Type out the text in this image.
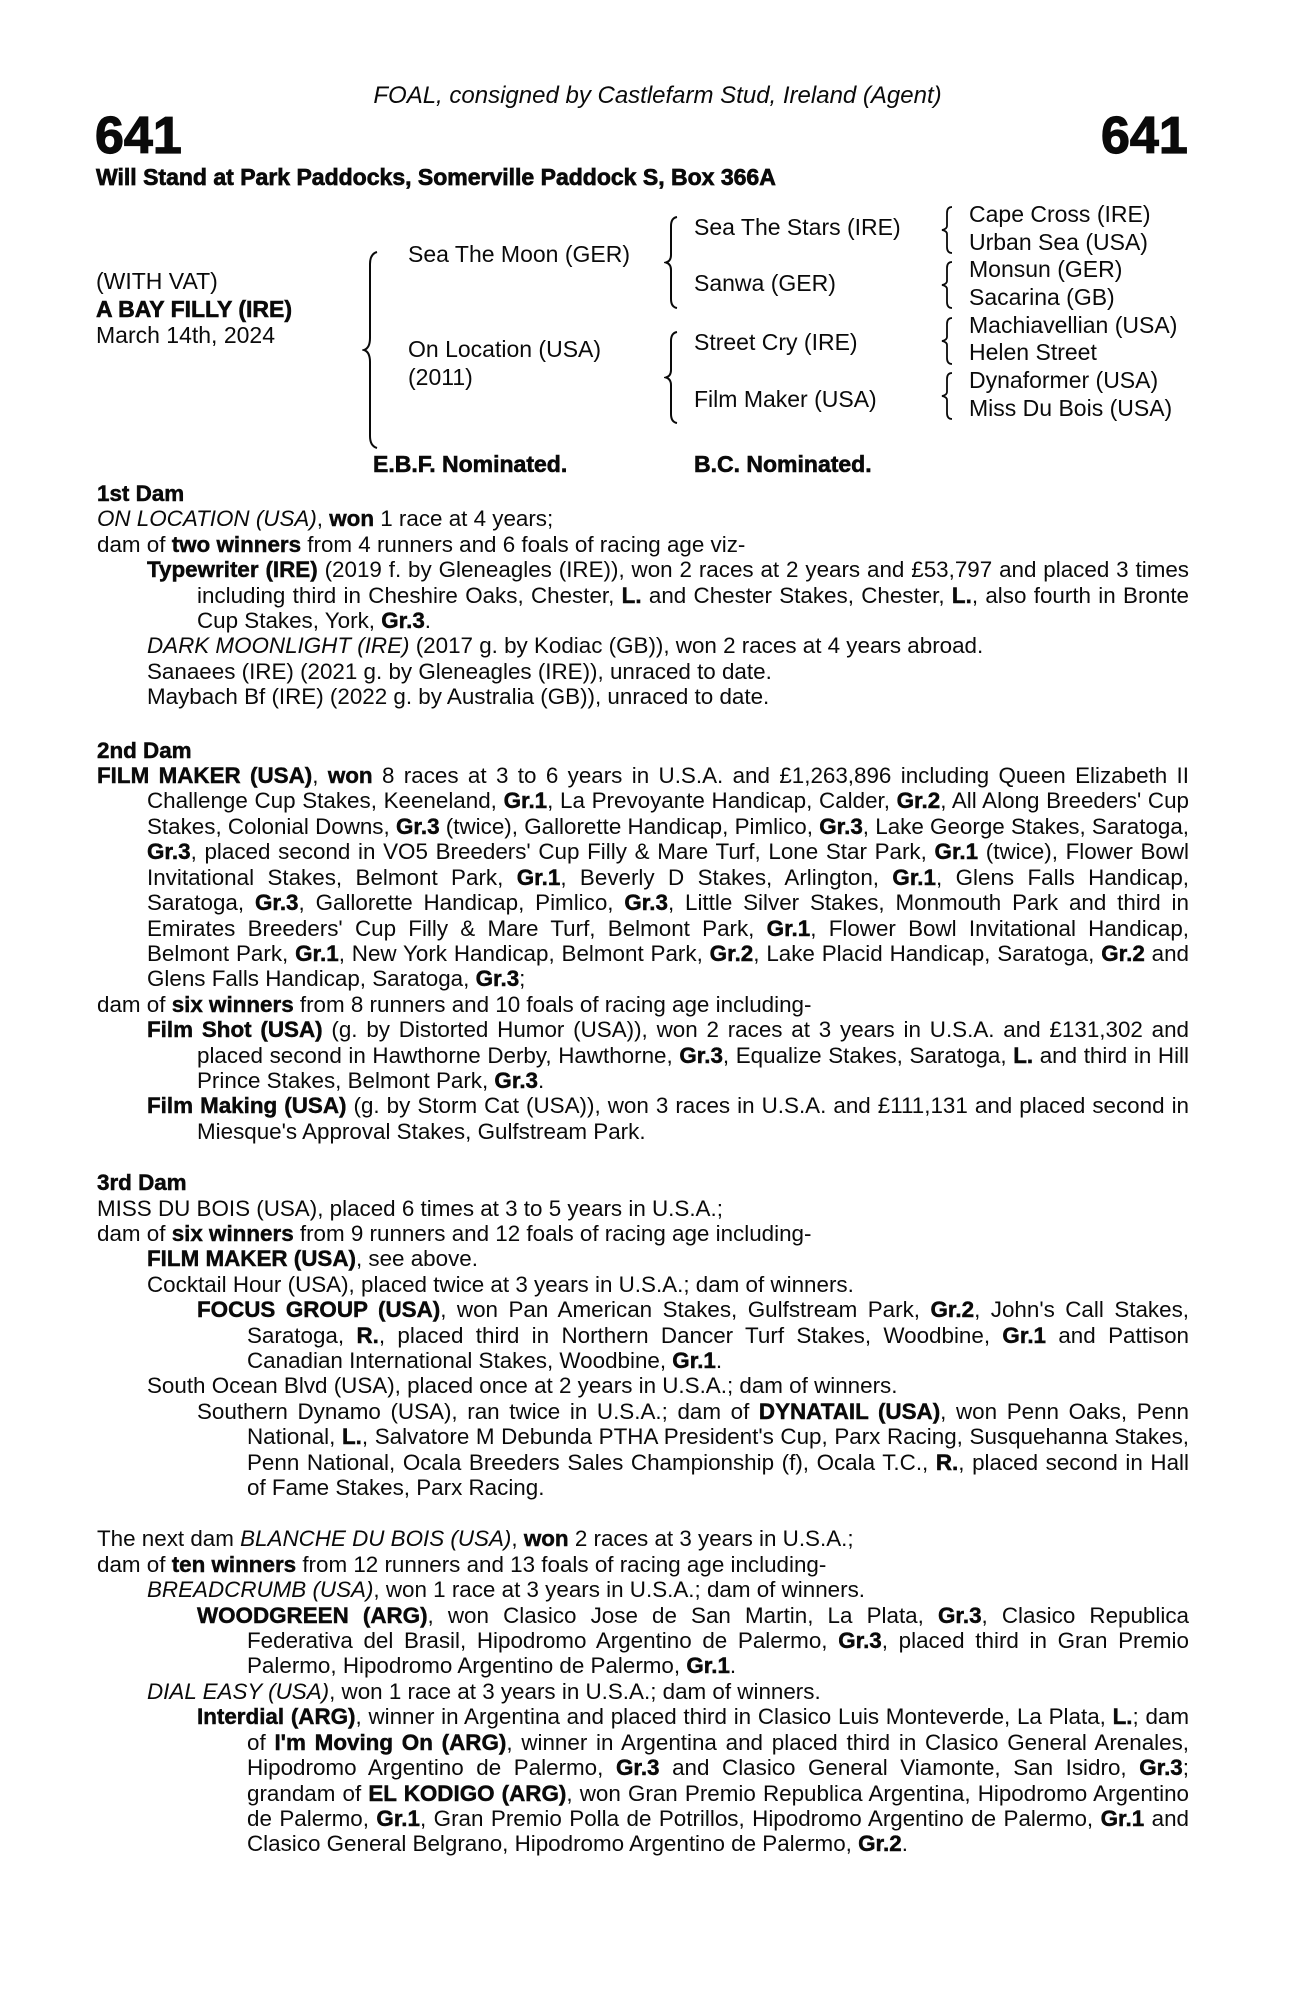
FOAL, consigned by Castlefarm Stud, Ireland (Agent)
641	641
Will Stand at Park Paddocks, Somerville Paddock S, Box 366A
(WITH VAT)
A BAY FILLY (IRE)
March 14th, 2024
Sea The Moon (GER)
On Location (USA)
(2011)
Sea The Stars (IRE)
Sanwa (GER)
Street Cry (IRE)
Film Maker (USA)
Cape Cross (IRE)
Urban Sea (USA)
Monsun (GER)
Sacarina (GB)
Machiavellian (USA)
Helen Street
Dynaformer (USA)
Miss Du Bois (USA)
E.B.F. Nominated.	B.C. Nominated.
1st Dam
ON LOCATION (USA), won 1 race at 4 years;
dam of two winners from 4 runners and 6 foals of racing age viz-
Typewriter (IRE) (2019 f. by Gleneagles (IRE)), won 2 races at 2 years and £53,797 and placed 3 times including third in Cheshire Oaks, Chester, L. and Chester Stakes, Chester, L., also fourth in Bronte Cup Stakes, York, Gr.3.
DARK MOONLIGHT (IRE) (2017 g. by Kodiac (GB)), won 2 races at 4 years abroad.
Sanaees (IRE) (2021 g. by Gleneagles (IRE)), unraced to date.
Maybach Bf (IRE) (2022 g. by Australia (GB)), unraced to date.
2nd Dam
FILM MAKER (USA), won 8 races at 3 to 6 years in U.S.A. and £1,263,896 including Queen Elizabeth II Challenge Cup Stakes, Keeneland, Gr.1, La Prevoyante Handicap, Calder, Gr.2, All Along Breeders' Cup Stakes, Colonial Downs, Gr.3 (twice), Gallorette Handicap, Pimlico, Gr.3, Lake George Stakes, Saratoga, Gr.3, placed second in VO5 Breeders' Cup Filly & Mare Turf, Lone Star Park, Gr.1 (twice), Flower Bowl Invitational Stakes, Belmont Park, Gr.1, Beverly D Stakes, Arlington, Gr.1, Glens Falls Handicap, Saratoga, Gr.3, Gallorette Handicap, Pimlico, Gr.3, Little Silver Stakes, Monmouth Park and third in Emirates Breeders' Cup Filly & Mare Turf, Belmont Park, Gr.1, Flower Bowl Invitational Handicap, Belmont Park, Gr.1, New York Handicap, Belmont Park, Gr.2, Lake Placid Handicap, Saratoga, Gr.2 and Glens Falls Handicap, Saratoga, Gr.3;
dam of six winners from 8 runners and 10 foals of racing age including-
Film Shot (USA) (g. by Distorted Humor (USA)), won 2 races at 3 years in U.S.A. and £131,302 and placed second in Hawthorne Derby, Hawthorne, Gr.3, Equalize Stakes, Saratoga, L. and third in Hill Prince Stakes, Belmont Park, Gr.3.
Film Making (USA) (g. by Storm Cat (USA)), won 3 races in U.S.A. and £111,131 and placed second in Miesque's Approval Stakes, Gulfstream Park.
3rd Dam
MISS DU BOIS (USA), placed 6 times at 3 to 5 years in U.S.A.;
dam of six winners from 9 runners and 12 foals of racing age including-
FILM MAKER (USA), see above.
Cocktail Hour (USA), placed twice at 3 years in U.S.A.; dam of winners.
FOCUS GROUP (USA), won Pan American Stakes, Gulfstream Park, Gr.2, John's Call Stakes, Saratoga, R., placed third in Northern Dancer Turf Stakes, Woodbine, Gr.1 and Pattison Canadian International Stakes, Woodbine, Gr.1.
South Ocean Blvd (USA), placed once at 2 years in U.S.A.; dam of winners.
Southern Dynamo (USA), ran twice in U.S.A.; dam of DYNATAIL (USA), won Penn Oaks, Penn National, L., Salvatore M Debunda PTHA President's Cup, Parx Racing, Susquehanna Stakes, Penn National, Ocala Breeders Sales Championship (f), Ocala T.C., R., placed second in Hall of Fame Stakes, Parx Racing.
The next dam BLANCHE DU BOIS (USA), won 2 races at 3 years in U.S.A.;
dam of ten winners from 12 runners and 13 foals of racing age including-
BREADCRUMB (USA), won 1 race at 3 years in U.S.A.; dam of winners.
WOODGREEN (ARG), won Clasico Jose de San Martin, La Plata, Gr.3, Clasico Republica Federativa del Brasil, Hipodromo Argentino de Palermo, Gr.3, placed third in Gran Premio Palermo, Hipodromo Argentino de Palermo, Gr.1.
DIAL EASY (USA), won 1 race at 3 years in U.S.A.; dam of winners.
Interdial (ARG), winner in Argentina and placed third in Clasico Luis Monteverde, La Plata, L.; dam of I'm Moving On (ARG), winner in Argentina and placed third in Clasico General Arenales, Hipodromo Argentino de Palermo, Gr.3 and Clasico General Viamonte, San Isidro, Gr.3; grandam of EL KODIGO (ARG), won Gran Premio Republica Argentina, Hipodromo Argentino de Palermo, Gr.1, Gran Premio Polla de Potrillos, Hipodromo Argentino de Palermo, Gr.1 and Clasico General Belgrano, Hipodromo Argentino de Palermo, Gr.2.
